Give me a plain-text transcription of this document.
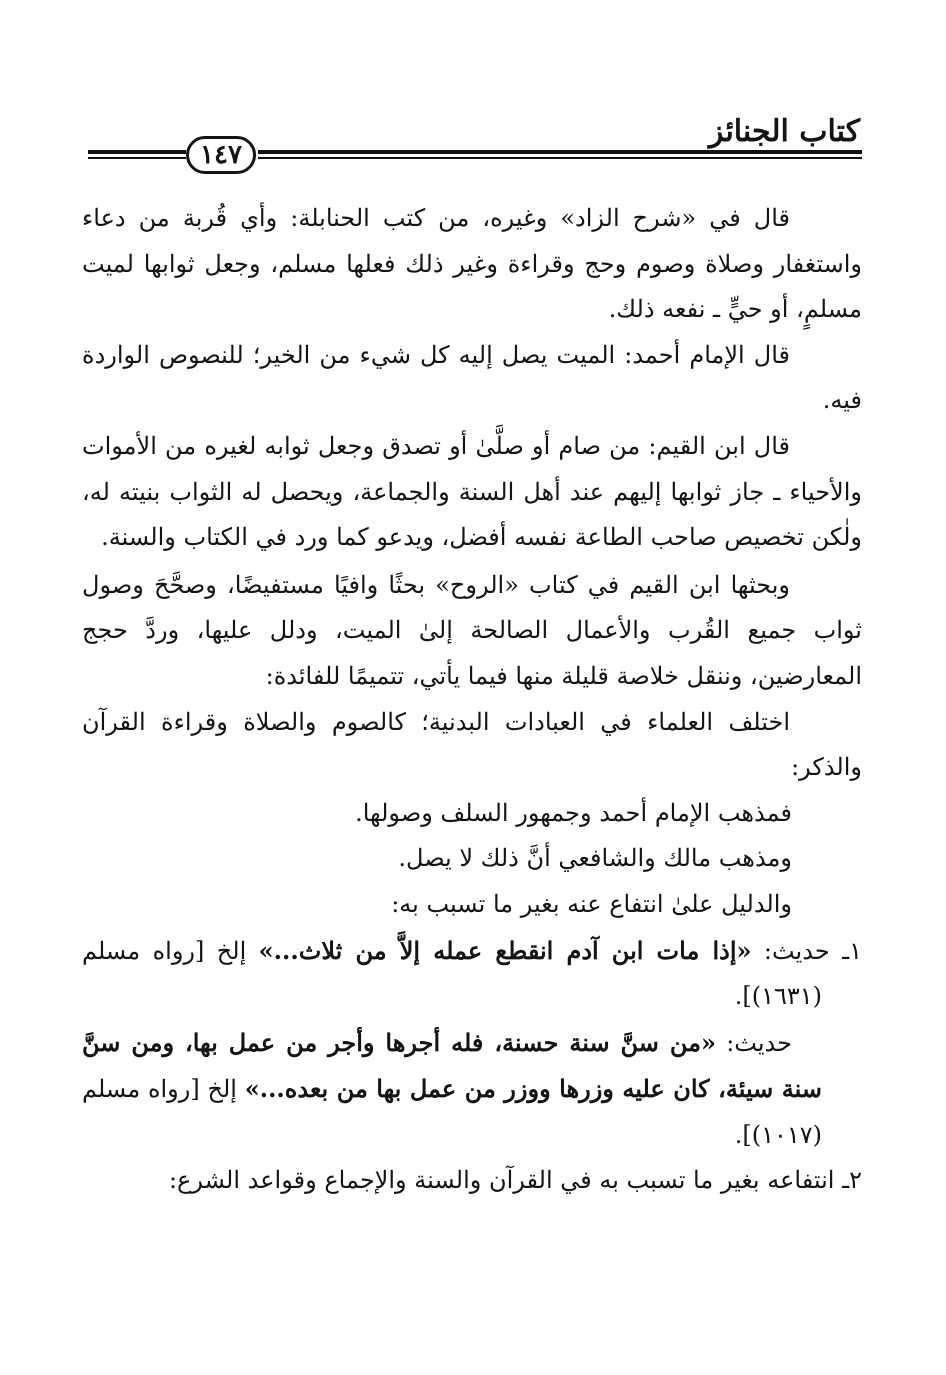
كتاب الجنائز
١٤٧

قال في «شرح الزاد» وغيره، من كتب الحنابلة: وأي قُربة من دعاء واستغفار وصلاة وصوم وحج وقراءة وغير ذلك فعلها مسلم، وجعل ثوابها لميت مسلمٍ، أو حيٍّ ـ نفعه ذلك.

قال الإمام أحمد: الميت يصل إليه كل شيء من الخير؛ للنصوص الواردة فيه.

قال ابن القيم: من صام أو صلَّىٰ أو تصدق وجعل ثوابه لغيره من الأموات والأحياء ـ جاز ثوابها إليهم عند أهل السنة والجماعة، ويحصل له الثواب بنيته له، ولٰكن تخصيص صاحب الطاعة نفسه أفضل، ويدعو كما ورد في الكتاب والسنة.

وبحثها ابن القيم في كتاب «الروح» بحثًا وافيًا مستفيضًا، وصحَّحَ وصول ثواب جميع القُرب والأعمال الصالحة إلىٰ الميت، ودلل عليها، وردَّ حجج المعارضين، وننقل خلاصة قليلة منها فيما يأتي، تتميمًا للفائدة:

اختلف العلماء في العبادات البدنية؛ كالصوم والصلاة وقراءة القرآن والذكر:

فمذهب الإمام أحمد وجمهور السلف وصولها.

ومذهب مالك والشافعي أنَّ ذلك لا يصل.

والدليل علىٰ انتفاع عنه بغير ما تسبب به:

١ـ حديث: «إذا مات ابن آدم انقطع عمله إلاَّ من ثلاث...» إلخ [رواه مسلم (١٦٣١)].

حديث: «من سنَّ سنة حسنة، فله أجرها وأجر من عمل بها، ومن سنَّ سنة سيئة، كان عليه وزرها ووزر من عمل بها من بعده...» إلخ [رواه مسلم (١٠١٧)].

٢ـ انتفاعه بغير ما تسبب به في القرآن والسنة والإجماع وقواعد الشرع:
